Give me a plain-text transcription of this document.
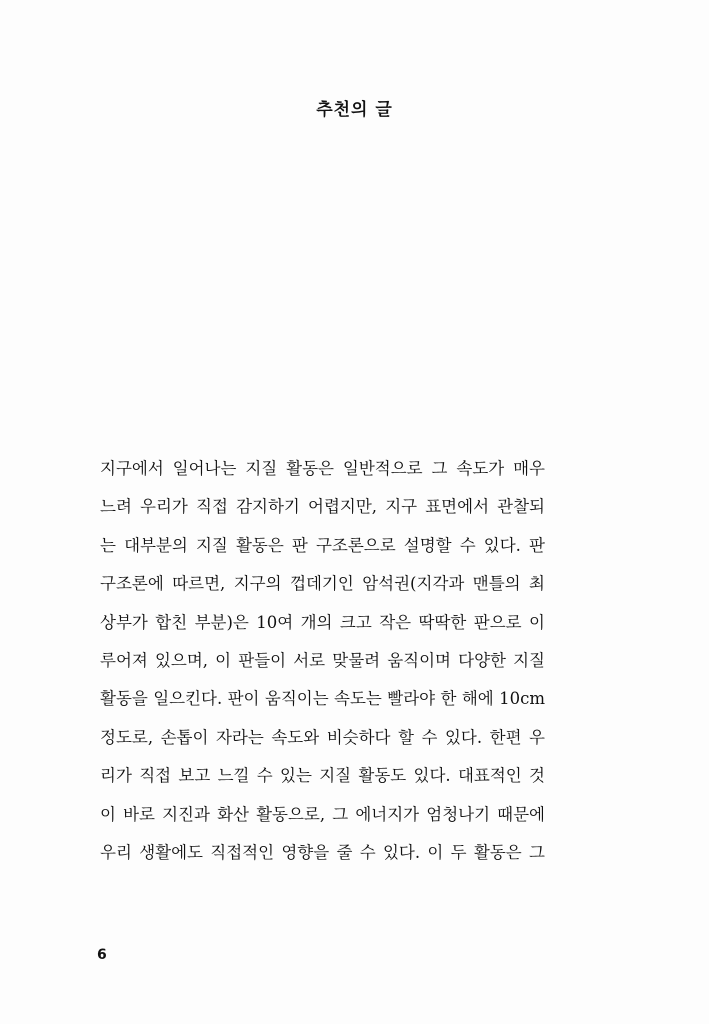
추천의 글
지구에서 일어나는 지질 활동은 일반적으로 그 속도가 매우
느려 우리가 직접 감지하기 어렵지만, 지구 표면에서 관찰되
는 대부분의 지질 활동은 판 구조론으로 설명할 수 있다. 판
구조론에 따르면, 지구의 껍데기인 암석권(지각과 맨틀의 최
상부가 합친 부분)은 10여 개의 크고 작은 딱딱한 판으로 이
루어져 있으며, 이 판들이 서로 맞물려 움직이며 다양한 지질
활동을 일으킨다. 판이 움직이는 속도는 빨라야 한 해에 10cm
정도로, 손톱이 자라는 속도와 비슷하다 할 수 있다. 한편 우
리가 직접 보고 느낄 수 있는 지질 활동도 있다. 대표적인 것
이 바로 지진과 화산 활동으로, 그 에너지가 엄청나기 때문에
우리 생활에도 직접적인 영향을 줄 수 있다. 이 두 활동은 그
6
